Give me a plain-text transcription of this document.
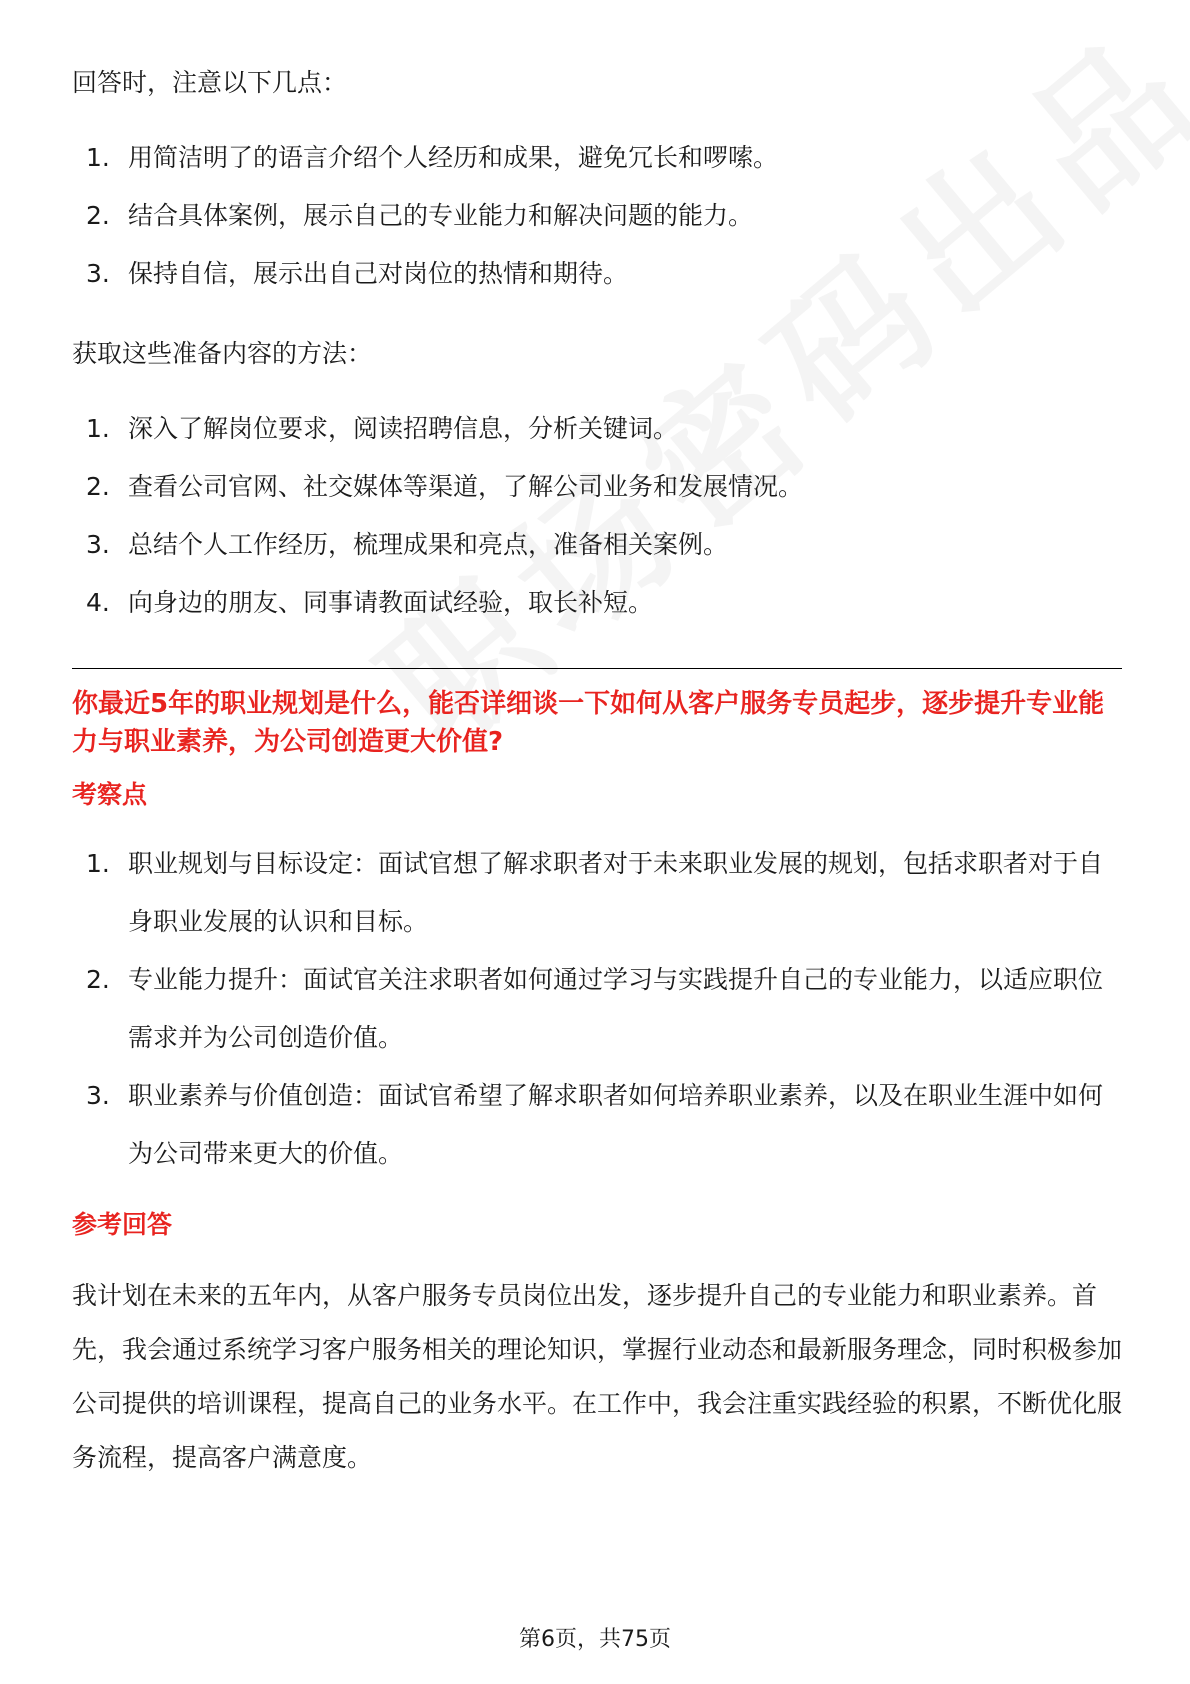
回答时，注意以下几点：

1. 用简洁明了的语言介绍个人经历和成果，避免冗长和啰嗦。
2. 结合具体案例，展示自己的专业能力和解决问题的能力。
3. 保持自信，展示出自己对岗位的热情和期待。

获取这些准备内容的方法：

1. 深入了解岗位要求，阅读招聘信息，分析关键词。
2. 查看公司官网、社交媒体等渠道，了解公司业务和发展情况。
3. 总结个人工作经历，梳理成果和亮点，准备相关案例。
4. 向身边的朋友、同事请教面试经验，取长补短。

你最近5年的职业规划是什么，能否详细谈一下如何从客户服务专员起步，逐步提升专业能力与职业素养，为公司创造更大价值?

考察点

1. 职业规划与目标设定：面试官想了解求职者对于未来职业发展的规划，包括求职者对于自身职业发展的认识和目标。
2. 专业能力提升：面试官关注求职者如何通过学习与实践提升自己的专业能力，以适应职位需求并为公司创造价值。
3. 职业素养与价值创造：面试官希望了解求职者如何培养职业素养，以及在职业生涯中如何为公司带来更大的价值。

参考回答

我计划在未来的五年内，从客户服务专员岗位出发，逐步提升自己的专业能力和职业素养。首先，我会通过系统学习客户服务相关的理论知识，掌握行业动态和最新服务理念，同时积极参加公司提供的培训课程，提高自己的业务水平。在工作中，我会注重实践经验的积累，不断优化服务流程，提高客户满意度。

第6页，共75页
